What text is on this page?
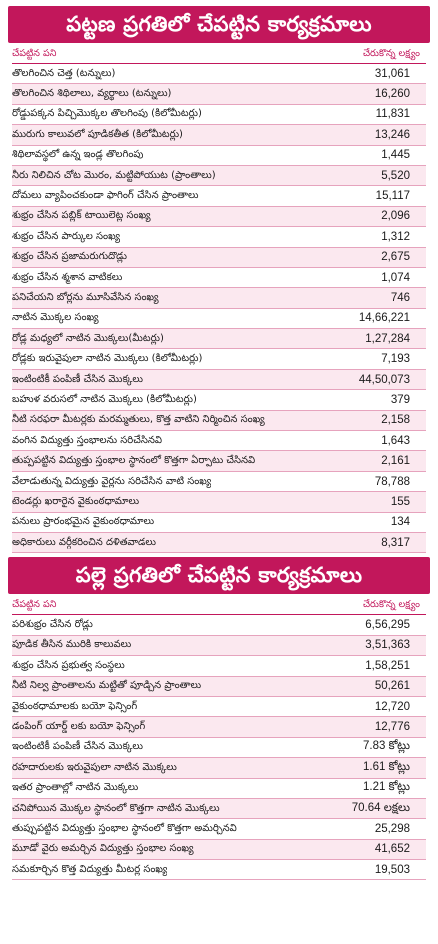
పట్టణ ప్రగతిలో చేపట్టిన కార్యక్రమాలు
చేపట్టిన పని	చేరుకొన్న లక్ష్యం
తొలగించిన చెత్త (టన్నులు)	31,061
తొలగించిన శిథిలాలు, వ్యర్థాలు (టన్నులు)	16,260
రోడ్డుపక్కన పిచ్చిమొక్కల తొలగింపు (కిలోమీటర్లు)	11,831
మురుగు కాలువలో పూడికతీత (కిలోమీటర్లు)	13,246
శిథిలావస్థలో ఉన్న ఇండ్ల తొలగింపు	1,445
నీరు నిలిచిన చోట మొరం, మట్టిపోయుట (ప్రాంతాలు)	5,520
దోమలు వ్యాపించకుండా ఫాగింగ్ చేసిన ప్రాంతాలు	15,117
శుభ్రం చేసిన పబ్లిక్ టాయిలెట్ల సంఖ్య	2,096
శుభ్రం చేసిన పార్కుల సంఖ్య	1,312
శుభ్రం చేసిన ప్రజామరుగుదొడ్లు	2,675
శుభ్రం చేసిన శ్మశాన వాటికలు	1,074
పనిచేయని బోర్లను మూసివేసిన సంఖ్య	746
నాటిన మొక్కల సంఖ్య	14,66,221
రోడ్ల మధ్యలో నాటిన మొక్కలు(మీటర్లు)	1,27,284
రోడ్లకు ఇరువైపులా నాటిన మొక్కలు (కిలోమీటర్లు)	7,193
ఇంటింటికీ పంపిణీ చేసిన మొక్కలు	44,50,073
బహుళ వరుసలో నాటిన మొక్కలు (కిలోమీటర్లు)	379
నీటి సరఫరా మీటర్లకు మరమ్మతులు, కొత్త వాటిని నిర్మించిన సంఖ్య	2,158
వంగిన విద్యుత్తు స్తంభాలను సరిచేసినవి	1,643
తుప్పపట్టిన విద్యుత్తు స్తంభాల స్థానంలో కొత్తగా ఏర్పాటు చేసినవి	2,161
వేలాడుతున్న విద్యుత్తు వైర్లను సరిచేసిన వాటి సంఖ్య	78,788
టెండర్లు ఖరారైన వైకుంఠధామాలు	155
పనులు ప్రారంభమైన వైకుంఠధామాలు	134
అధికారులు వర్గీకరించిన దళితవాడలు	8,317
పల్లె ప్రగతిలో చేపట్టిన కార్యక్రమాలు
చేపట్టిన పని	చేరుకొన్న లక్ష్యం
పరిశుభ్రం చేసిన రోడ్లు	6,56,295
పూడిక తీసిన మురికి కాలువలు	3,51,363
శుభ్రం చేసిన ప్రభుత్వ సంస్థలు	1,58,251
నీటి నిల్వ ప్రాంతాలను మట్టితో పూడ్చిన ప్రాంతాలు	50,261
వైకుంఠధామాలకు బయో ఫెన్సింగ్	12,720
డంపింగ్ యార్డ్ లకు బయో ఫెన్సింగ్	12,776
ఇంటింటికీ పంపిణీ చేసిన మొక్కలు	7.83 కోట్లు
రహదారులకు ఇరువైపులా నాటిన మొక్కలు	1.61 కోట్లు
ఇతర ప్రాంతాల్లో నాటిన మొక్కలు	1.21 కోట్లు
చనిపోయిన మొక్కల స్థానంలో కొత్తగా నాటిన మొక్కలు	70.64 లక్షలు
తుప్పుపట్టిన విద్యుత్తు స్తంభాల స్థానంలో కొత్తగా అమర్చినవి	25,298
మూడో వైరు అమర్చిన విద్యుత్తు స్తంభాల సంఖ్య	41,652
సమకూర్చిన కొత్త విద్యుత్తు మీటర్ల సంఖ్య	19,503
